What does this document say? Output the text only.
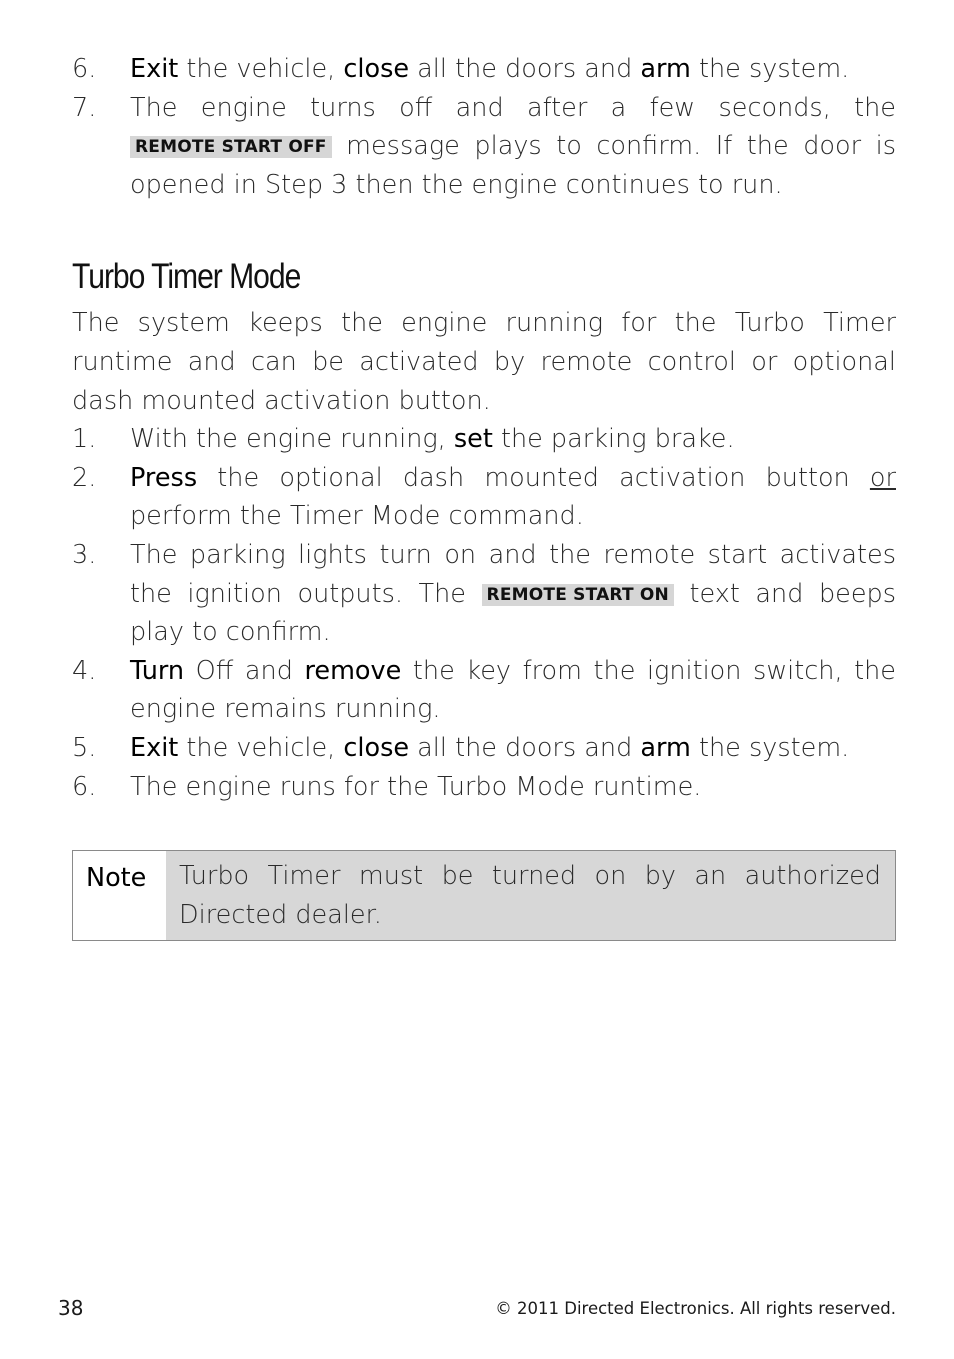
6.	Exit the vehicle, close all the doors and arm the system.
7.	The engine turns off and after a few seconds, the REMOTE START OFF message plays to confirm. If the door is opened in Step 3 then the engine continues to run.
Turbo Timer Mode

The system keeps the engine running for the Turbo Timer runtime and can be activated by remote control or optional dash mounted activation button.

1.	With the engine running, set the parking brake.
2.	Press the optional dash mounted activation button or perform the Timer Mode command.
3.	The parking lights turn on and the remote start activates the ignition outputs. The REMOTE START ON text and beeps play to confirm.
4.	Turn Off and remove the key from the ignition switch, the engine remains running.
5.	Exit the vehicle, close all the doors and arm the system.
6.	The engine runs for the Turbo Mode runtime.
Note	Turbo Timer must be turned on by an authorized Directed dealer.
38	© 2011 Directed Electronics. All rights reserved.
